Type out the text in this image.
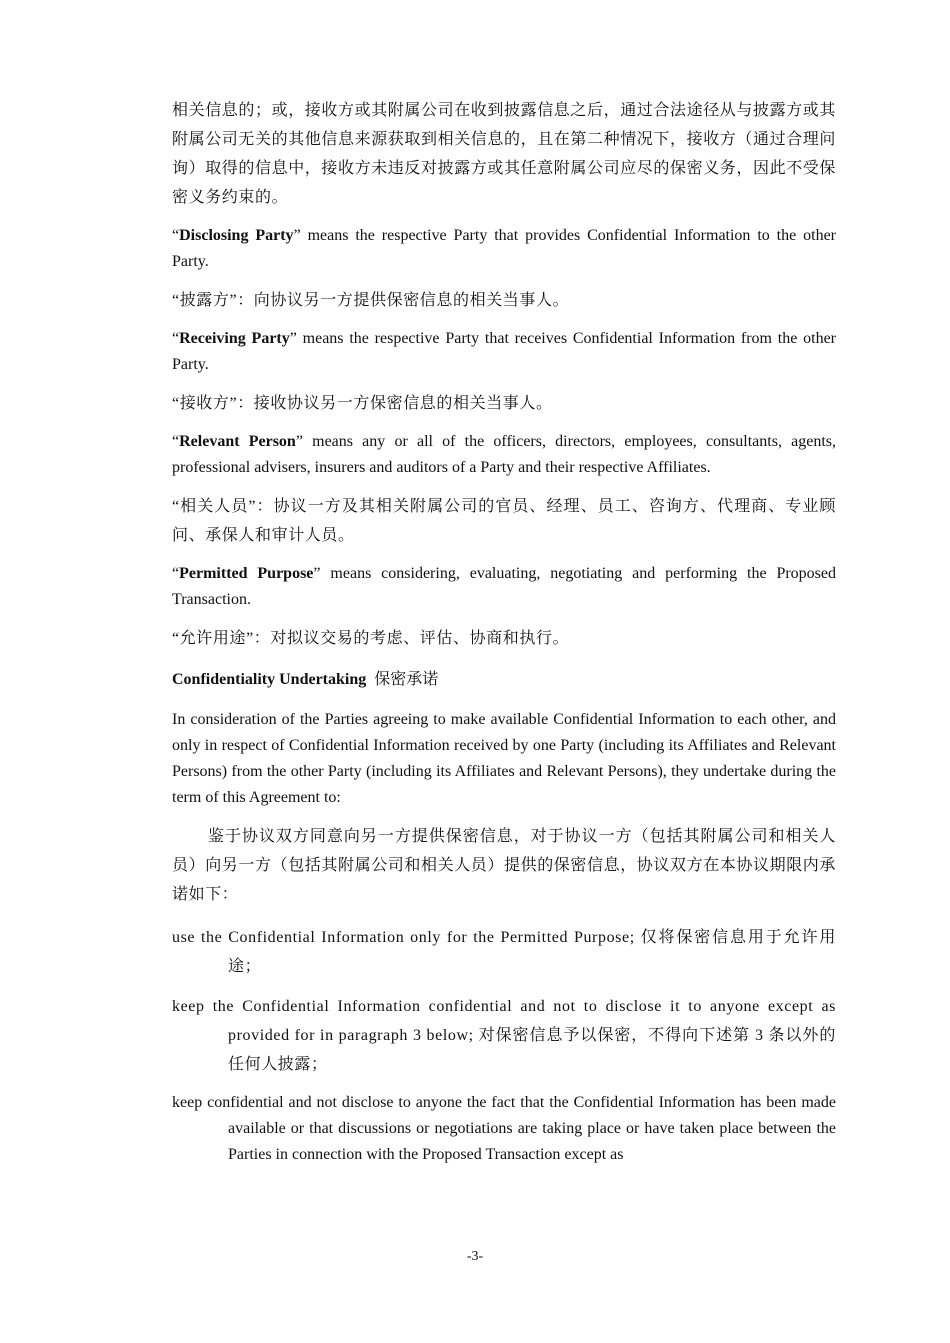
相关信息的；或，接收方或其附属公司在收到披露信息之后，通过合法途径从与披露方或其附属公司无关的其他信息来源获取到相关信息的，且在第二种情况下，接收方（通过合理问询）取得的信息中，接收方未违反对披露方或其任意附属公司应尽的保密义务，因此不受保密义务约束的。

“Disclosing Party” means the respective Party that provides Confidential Information to the other Party.

“披露方”：向协议另一方提供保密信息的相关当事人。

“Receiving Party” means the respective Party that receives Confidential Information from the other Party.

“接收方”：接收协议另一方保密信息的相关当事人。

“Relevant Person” means any or all of the officers, directors, employees, consultants, agents, professional advisers, insurers and auditors of a Party and their respective Affiliates.

“相关人员”：协议一方及其相关附属公司的官员、经理、员工、咨询方、代理商、专业顾问、承保人和审计人员。

“Permitted Purpose” means considering, evaluating, negotiating and performing the Proposed Transaction.

“允许用途”：对拟议交易的考虑、评估、协商和执行。

Confidentiality Undertaking 保密承诺

In consideration of the Parties agreeing to make available Confidential Information to each other, and only in respect of Confidential Information received by one Party (including its Affiliates and Relevant Persons) from the other Party (including its Affiliates and Relevant Persons), they undertake during the term of this Agreement to:

鉴于协议双方同意向另一方提供保密信息，对于协议一方（包括其附属公司和相关人员）向另一方（包括其附属公司和相关人员）提供的保密信息，协议双方在本协议期限内承诺如下：

use the Confidential Information only for the Permitted Purpose; 仅将保密信息用于允许用途；

keep the Confidential Information confidential and not to disclose it to anyone except as provided for in paragraph 3 below; 对保密信息予以保密，不得向下述第 3 条以外的任何人披露；

keep confidential and not disclose to anyone the fact that the Confidential Information has been made available or that discussions or negotiations are taking place or have taken place between the Parties in connection with the Proposed Transaction except as

-3-
